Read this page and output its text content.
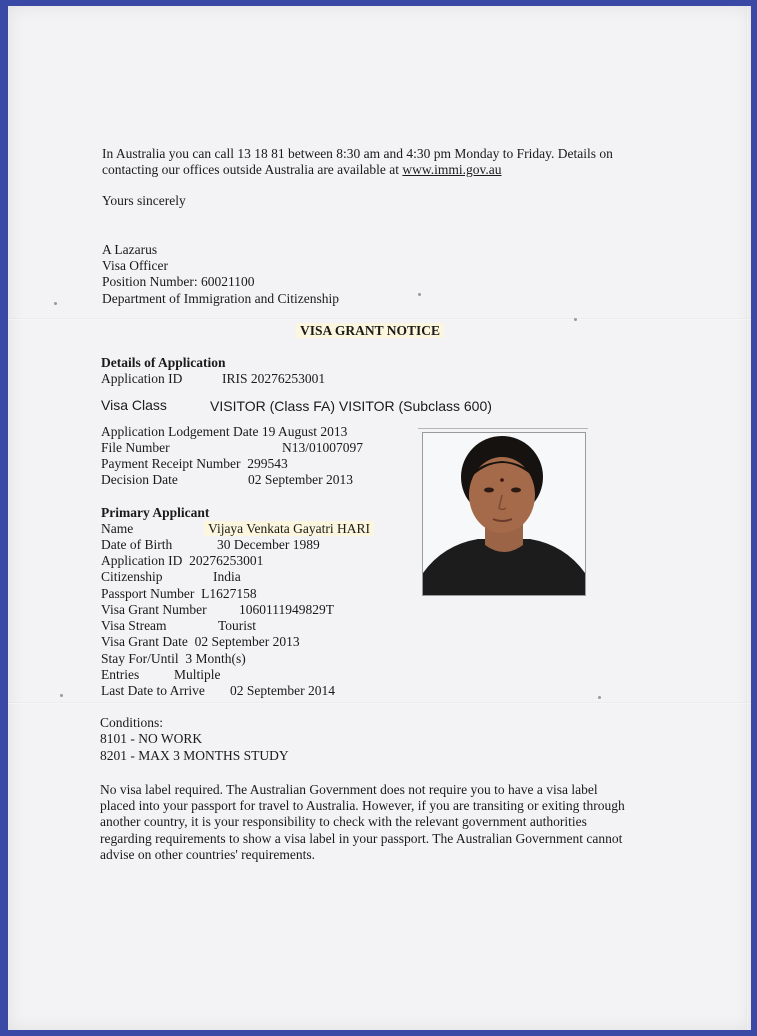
In Australia you can call 13 18 81 between 8:30 am and 4:30 pm Monday to Friday. Details on
contacting our offices outside Australia are available at www.immi.gov.au
Yours sincerely
A Lazarus
Visa Officer
Position Number: 60021100
Department of Immigration and Citizenship
VISA GRANT NOTICE
Details of Application
Application ID	IRIS 20276253001
Visa Class	VISITOR (Class FA) VISITOR (Subclass 600)
Application Lodgement Date 19 August 2013
File Number	N13/01007097
Payment Receipt Number 299543
Decision Date	02 September 2013
Primary Applicant
Name	Vijaya Venkata Gayatri HARI
Date of Birth	30 December 1989
Application ID 20276253001
Citizenship	India
Passport Number L1627158
Visa Grant Number 1060111949829T
Visa Stream	Tourist
Visa Grant Date 02 September 2013
Stay For/Until 3 Month(s)
Entries	Multiple
Last Date to Arrive 02 September 2014
Conditions:
8101 - NO WORK
8201 - MAX 3 MONTHS STUDY
No visa label required. The Australian Government does not require you to have a visa label
placed into your passport for travel to Australia. However, if you are transiting or exiting through
another country, it is your responsibility to check with the relevant government authorities
regarding requirements to show a visa label in your passport. The Australian Government cannot
advise on other countries' requirements.
